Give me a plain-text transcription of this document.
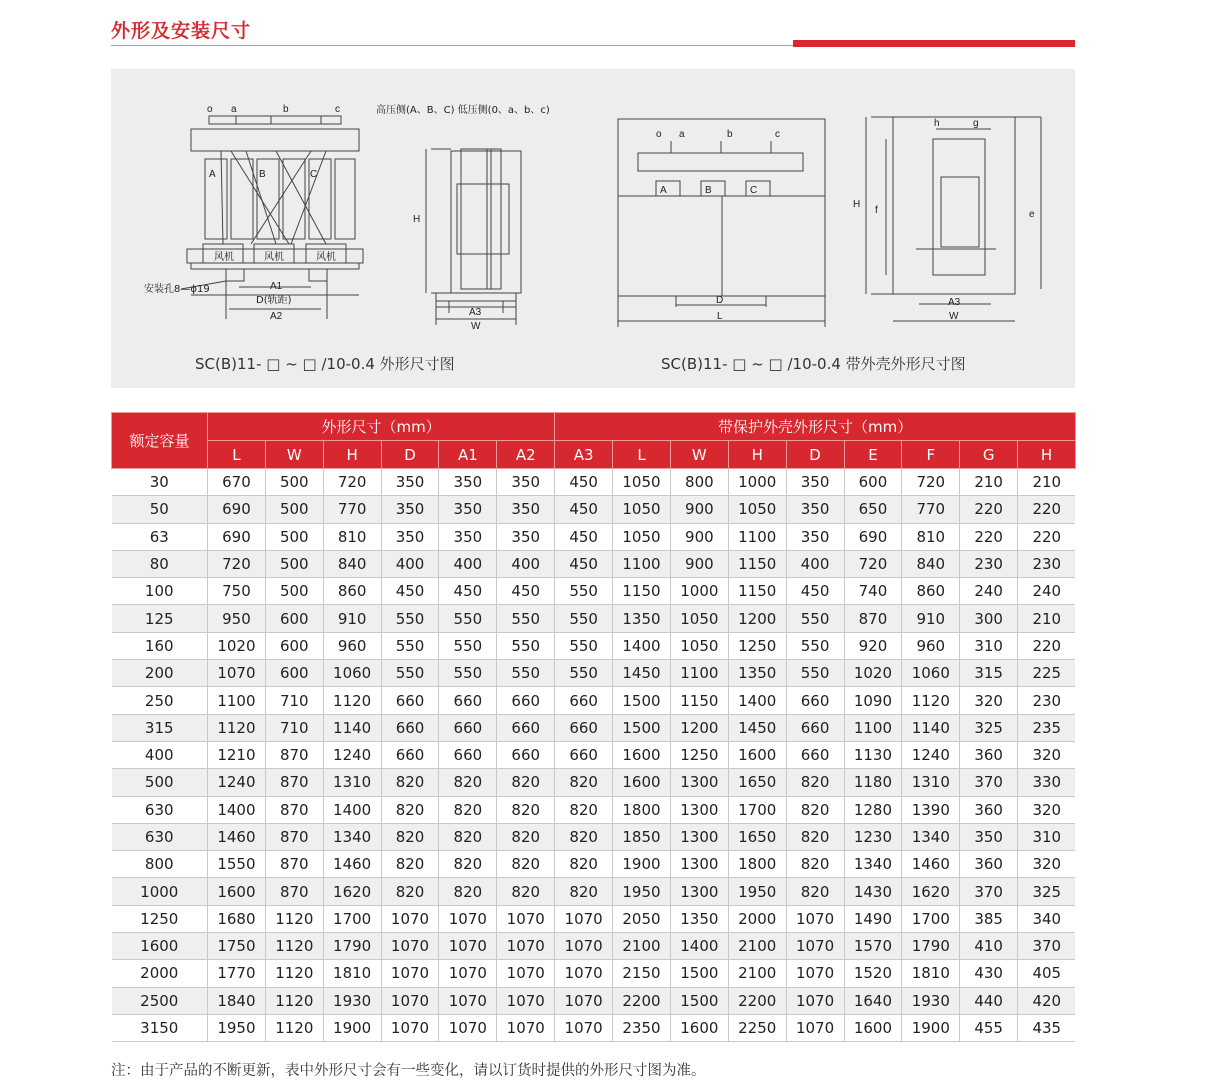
外形及安装尺寸
o a	b	c
A	B	C
风机	风机	风机
安装孔8—ϕ19	A1
D(轨距)
A2
高压侧(A、B、C) 低压侧(0、a、b、c)
H
A3
W
o a	b	c
A	B	C
D
L
h	g
H
f	e
A3
W
SC(B)11- □ ~ □ /10-0.4 外形尺寸图	SC(B)11- □ ~ □ /10-0.4 带外壳外形尺寸图
额定容量	外形尺寸（mm）						带保护外壳外形尺寸（mm）								
	L	W	H	D	A1	A2	A3	L	W	H	D	E	F	G	H
30	670	500	720	350	350	350	450	1050	800	1000	350	600	720	210	210
50	690	500	770	350	350	350	450	1050	900	1050	350	650	770	220	220
63	690	500	810	350	350	350	450	1050	900	1100	350	690	810	220	220
80	720	500	840	400	400	400	450	1100	900	1150	400	720	840	230	230
100	750	500	860	450	450	450	550	1150	1000	1150	450	740	860	240	240
125	950	600	910	550	550	550	550	1350	1050	1200	550	870	910	300	210
160	1020	600	960	550	550	550	550	1400	1050	1250	550	920	960	310	220
200	1070	600	1060	550	550	550	550	1450	1100	1350	550	1020	1060	315	225
250	1100	710	1120	660	660	660	660	1500	1150	1400	660	1090	1120	320	230
315	1120	710	1140	660	660	660	660	1500	1200	1450	660	1100	1140	325	235
400	1210	870	1240	660	660	660	660	1600	1250	1600	660	1130	1240	360	320
500	1240	870	1310	820	820	820	820	1600	1300	1650	820	1180	1310	370	330
630	1400	870	1400	820	820	820	820	1800	1300	1700	820	1280	1390	360	320
630	1460	870	1340	820	820	820	820	1850	1300	1650	820	1230	1340	350	310
800	1550	870	1460	820	820	820	820	1900	1300	1800	820	1340	1460	360	320
1000	1600	870	1620	820	820	820	820	1950	1300	1950	820	1430	1620	370	325
1250	1680	1120	1700	1070	1070	1070	1070	2050	1350	2000	1070	1490	1700	385	340
1600	1750	1120	1790	1070	1070	1070	1070	2100	1400	2100	1070	1570	1790	410	370
2000	1770	1120	1810	1070	1070	1070	1070	2150	1500	2100	1070	1520	1810	430	405
2500	1840	1120	1930	1070	1070	1070	1070	2200	1500	2200	1070	1640	1930	440	420
3150	1950	1120	1900	1070	1070	1070	1070	2350	1600	2250	1070	1600	1900	455	435
注：由于产品的不断更新，表中外形尺寸会有一些变化，请以订货时提供的外形尺寸图为准。
